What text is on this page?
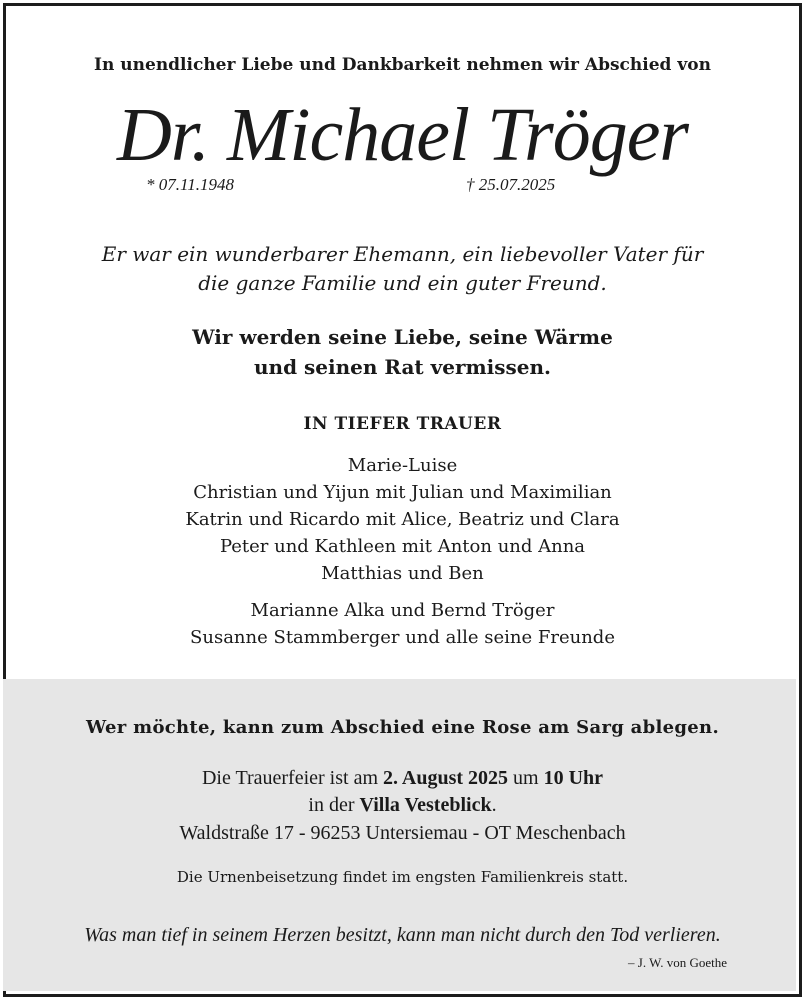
In unendlicher Liebe und Dankbarkeit nehmen wir Abschied von
Dr. Michael Tröger
* 07.11.1948	† 25.07.2025
Er war ein wunderbarer Ehemann, ein liebevoller Vater für
die ganze Familie und ein guter Freund.
Wir werden seine Liebe, seine Wärme
und seinen Rat vermissen.
IN TIEFER TRAUER
Marie-Luise
Christian und Yijun mit Julian und Maximilian
Katrin und Ricardo mit Alice, Beatriz und Clara
Peter und Kathleen mit Anton und Anna
Matthias und Ben
Marianne Alka und Bernd Tröger
Susanne Stammberger und alle seine Freunde
Wer möchte, kann zum Abschied eine Rose am Sarg ablegen.
Die Trauerfeier ist am 2. August 2025 um 10 Uhr
in der Villa Vesteblick.
Waldstraße 17 - 96253 Untersiemau - OT Meschenbach
Die Urnenbeisetzung findet im engsten Familienkreis statt.
Was man tief in seinem Herzen besitzt, kann man nicht durch den Tod verlieren.
– J. W. von Goethe
